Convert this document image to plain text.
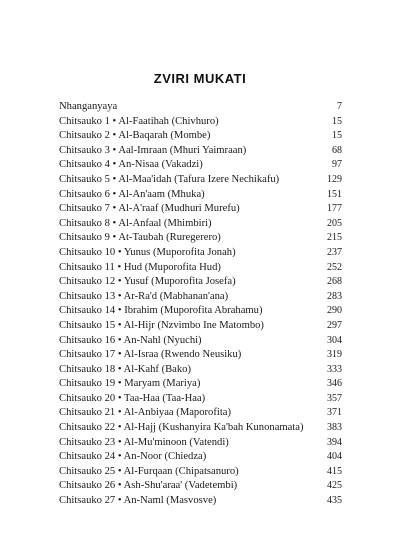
ZVIRI MUKATI
Nhanganyaya	7
Chitsauko 1 • Al-Faatihah (Chivhuro)	15
Chitsauko 2 • Al-Baqarah (Mombe)	15
Chitsauko 3 • Aal-Imraan (Mhuri Yaimraan)	68
Chitsauko 4 • An-Nisaa (Vakadzi)	97
Chitsauko 5 • Al-Maa'idah (Tafura Izere Nechikafu)	129
Chitsauko 6 • Al-An'aam (Mhuka)	151
Chitsauko 7 • Al-A'raaf (Mudhuri Murefu)	177
Chitsauko 8 • Al-Anfaal (Mhimbiri)	205
Chitsauko 9 • At-Taubah (Ruregerero)	215
Chitsauko 10 • Yunus (Muporofita Jonah)	237
Chitsauko 11 • Hud (Muporofita Hud)	252
Chitsauko 12 • Yusuf (Muporofita Josefa)	268
Chitsauko 13 • Ar-Ra'd (Mabhanan'ana)	283
Chitsauko 14 • Ibrahim (Muporofita Abrahamu)	290
Chitsauko 15 • Al-Hijr (Nzvimbo Ine Matombo)	297
Chitsauko 16 • An-Nahl (Nyuchi)	304
Chitsauko 17 • Al-Israa (Rwendo Neusiku)	319
Chitsauko 18 • Al-Kahf (Bako)	333
Chitsauko 19 • Maryam (Mariya)	346
Chitsauko 20 • Taa-Haa (Taa-Haa)	357
Chitsauko 21 • Al-Anbiyaa (Maporofita)	371
Chitsauko 22 • Al-Hajj (Kushanyira Ka'bah Kunonamata)	383
Chitsauko 23 • Al-Mu'minoon (Vatendi)	394
Chitsauko 24 • An-Noor (Chiedza)	404
Chitsauko 25 • Al-Furqaan (Chipatsanuro)	415
Chitsauko 26 • Ash-Shu'araa' (Vadetembi)	425
Chitsauko 27 • An-Naml (Masvosve)	435
